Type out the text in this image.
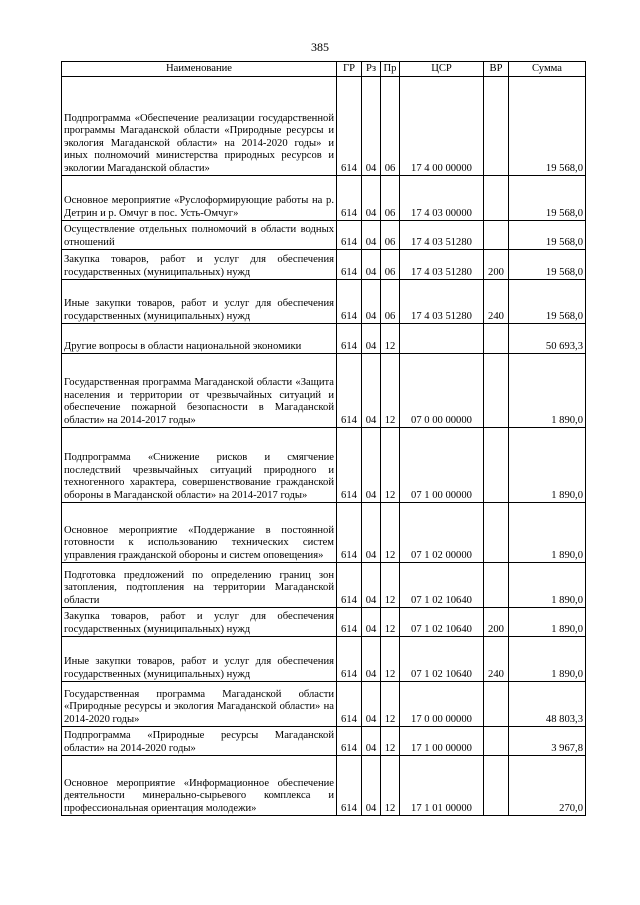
385
Наименование	ГР	Рз	Пр	ЦСР	ВР	Сумма
Подпрограмма «Обеспечение реализации государственной программы Магаданской области «Природные ресурсы и экология Магаданской области» на 2014-2020 годы» и иных полномочий министерства природных ресурсов и экологии Магаданской области»	614	04	06	17 4 00 00000		19 568,0
Основное мероприятие «Руслоформирующие работы на р. Детрин и р. Омчуг в пос. Усть-Омчуг»	614	04	06	17 4 03 00000		19 568,0
Осуществление отдельных полномочий в области водных отношений	614	04	06	17 4 03 51280		19 568,0
Закупка товаров, работ и услуг для обеспечения государственных (муниципальных) нужд	614	04	06	17 4 03 51280	200	19 568,0
Иные закупки товаров, работ и услуг для обеспечения государственных (муниципальных) нужд	614	04	06	17 4 03 51280	240	19 568,0
Другие вопросы в области национальной экономики	614	04	12			50 693,3
Государственная программа Магаданской области «Защита населения и территории от чрезвычайных ситуаций и обеспечение пожарной безопасности в Магаданской области» на 2014-2017 годы»	614	04	12	07 0 00 00000		1 890,0
Подпрограмма «Снижение рисков и смягчение последствий чрезвычайных ситуаций природного и техногенного характера, совершенствование гражданской обороны в Магаданской области» на 2014-2017 годы»	614	04	12	07 1 00 00000		1 890,0
Основное мероприятие «Поддержание в постоянной готовности к использованию технических систем управления гражданской обороны и систем оповещения»	614	04	12	07 1 02 00000		1 890,0
Подготовка предложений по определению границ зон затопления, подтопления на территории Магаданской области	614	04	12	07 1 02 10640		1 890,0
Закупка товаров, работ и услуг для обеспечения государственных (муниципальных) нужд	614	04	12	07 1 02 10640	200	1 890,0
Иные закупки товаров, работ и услуг для обеспечения государственных (муниципальных) нужд	614	04	12	07 1 02 10640	240	1 890,0
Государственная программа Магаданской области «Природные ресурсы и экология Магаданской области» на 2014-2020 годы»	614	04	12	17 0 00 00000		48 803,3
Подпрограмма «Природные ресурсы Магаданской области» на 2014-2020 годы»	614	04	12	17 1 00 00000		3 967,8
Основное мероприятие «Информационное обеспечение деятельности минерально-сырьевого комплекса и профессиональная ориентация молодежи»	614	04	12	17 1 01 00000		270,0
